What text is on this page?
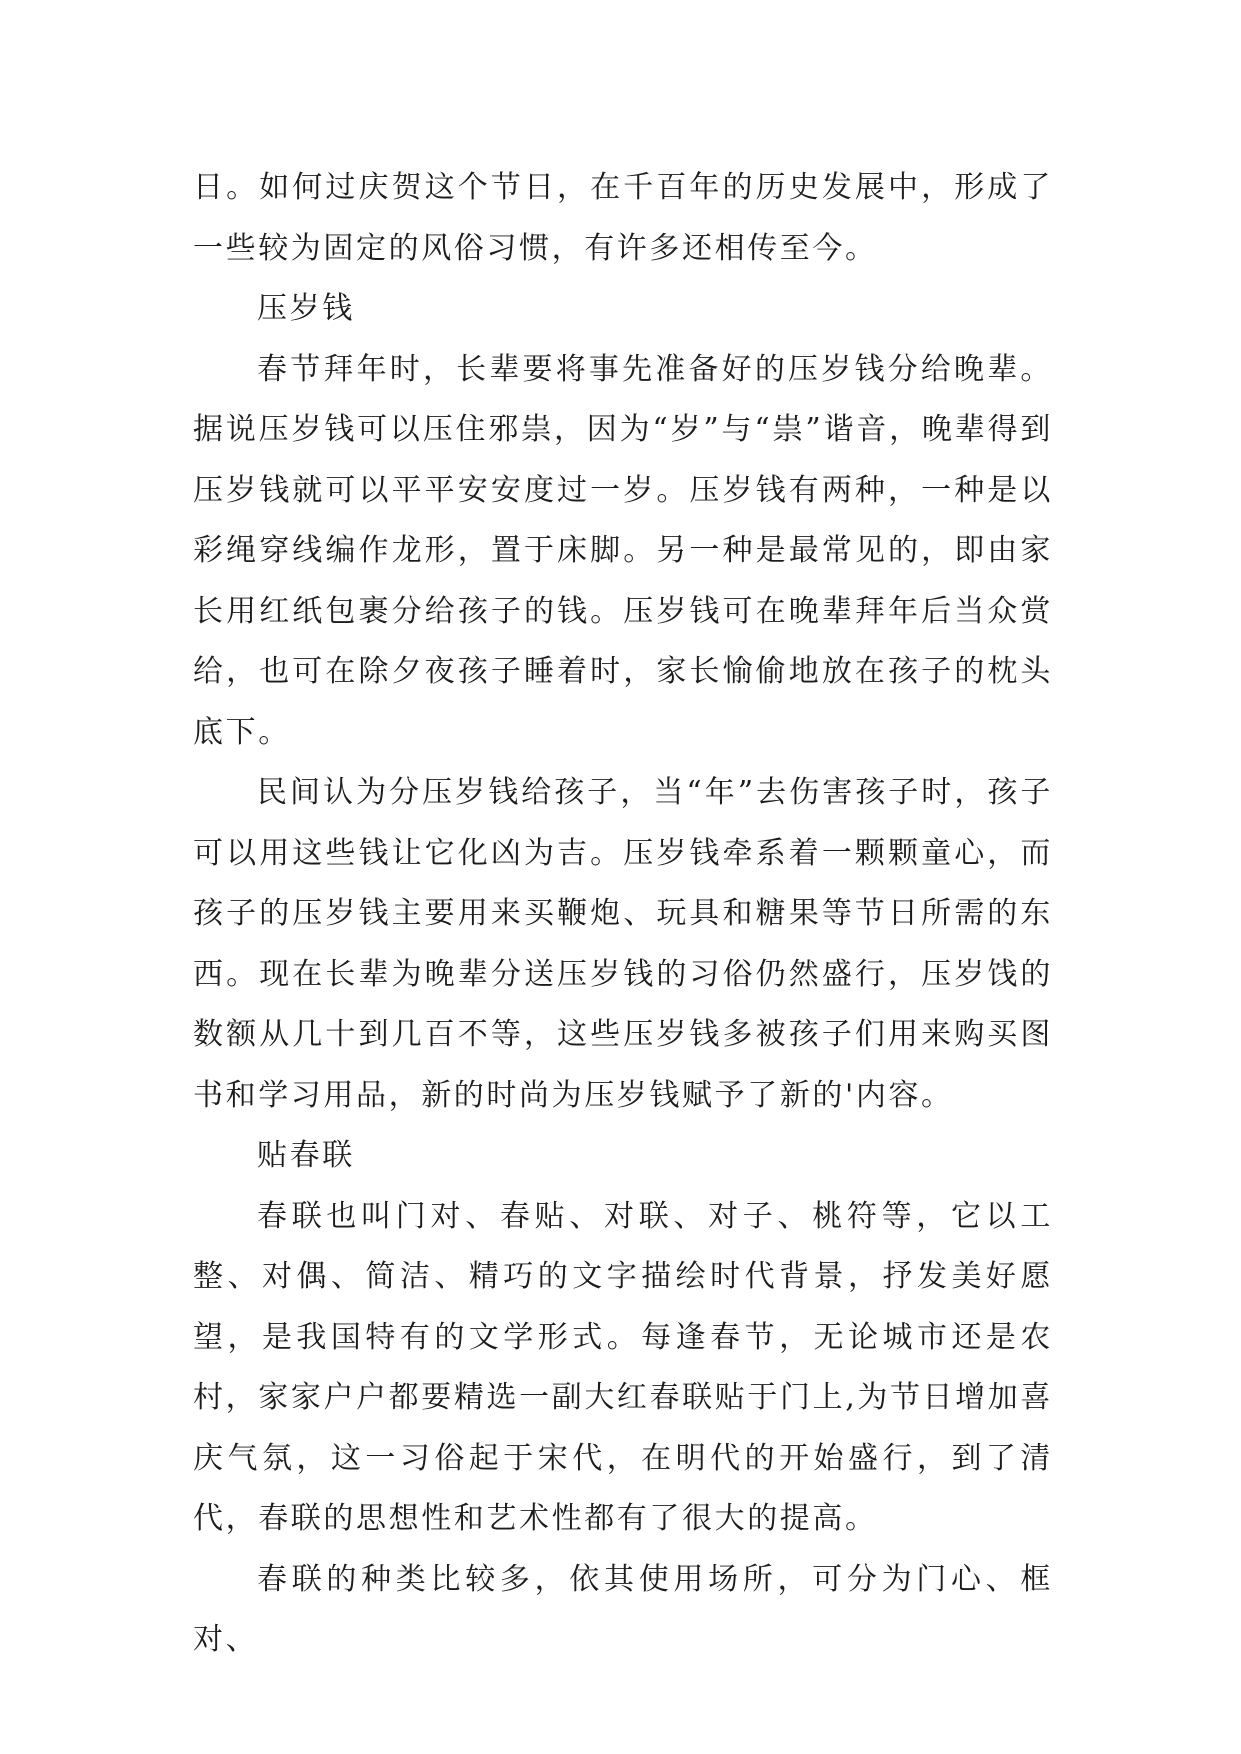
日。如何过庆贺这个节日，在千百年的历史发展中，形成了一些较为固定的风俗习惯，有许多还相传至今。

压岁钱

春节拜年时，长辈要将事先准备好的压岁钱分给晚辈。据说压岁钱可以压住邪祟，因为“岁”与“祟”谐音，晚辈得到压岁钱就可以平平安安度过一岁。压岁钱有两种，一种是以彩绳穿线编作龙形，置于床脚。另一种是最常见的，即由家长用红纸包裹分给孩子的钱。压岁钱可在晚辈拜年后当众赏给，也可在除夕夜孩子睡着时，家长愉偷地放在孩子的枕头底下。

民间认为分压岁钱给孩子，当“年”去伤害孩子时，孩子可以用这些钱让它化凶为吉。压岁钱牵系着一颗颗童心，而孩子的压岁钱主要用来买鞭炮、玩具和糖果等节日所需的东西。现在长辈为晚辈分送压岁钱的习俗仍然盛行，压岁饯的数额从几十到几百不等，这些压岁钱多被孩子们用来购买图书和学习用品，新的时尚为压岁钱赋予了新的'内容。

贴春联

春联也叫门对、春贴、对联、对子、桃符等，它以工整、对偶、简洁、精巧的文字描绘时代背景，抒发美好愿望，是我国特有的文学形式。每逢春节，无论城市还是农村，家家户户都要精选一副大红春联贴于门上,为节日增加喜庆气氛，这一习俗起于宋代，在明代的开始盛行，到了清代，春联的思想性和艺术性都有了很大的提高。

春联的种类比较多，依其使用场所，可分为门心、框对、
